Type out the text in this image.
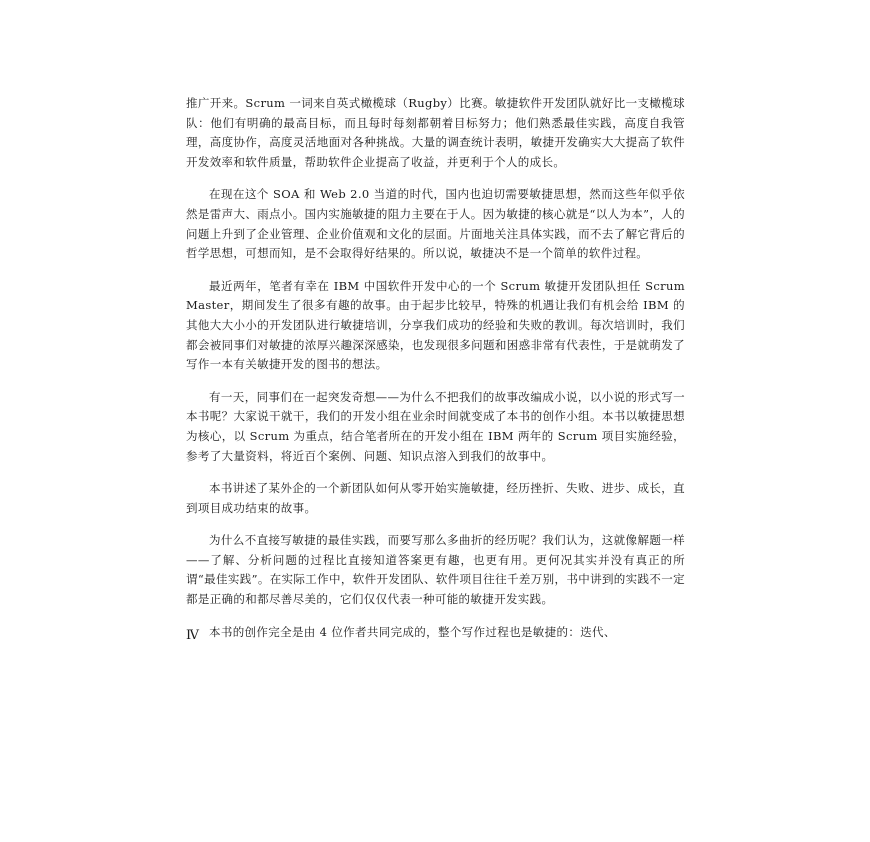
推广开来。Scrum 一词来自英式橄榄球（Rugby）比赛。敏捷软件开发团队就好比一支橄榄球队：他们有明确的最高目标，而且每时每刻都朝着目标努力；他们熟悉最佳实践，高度自我管理，高度协作，高度灵活地面对各种挑战。大量的调查统计表明，敏捷开发确实大大提高了软件开发效率和软件质量，帮助软件企业提高了收益，并更利于个人的成长。

在现在这个 SOA 和 Web 2.0 当道的时代，国内也迫切需要敏捷思想，然而这些年似乎依然是雷声大、雨点小。国内实施敏捷的阻力主要在于人。因为敏捷的核心就是“以人为本”，人的问题上升到了企业管理、企业价值观和文化的层面。片面地关注具体实践，而不去了解它背后的哲学思想，可想而知，是不会取得好结果的。所以说，敏捷决不是一个简单的软件过程。

最近两年，笔者有幸在 IBM 中国软件开发中心的一个 Scrum 敏捷开发团队担任 Scrum Master，期间发生了很多有趣的故事。由于起步比较早，特殊的机遇让我们有机会给 IBM 的其他大大小小的开发团队进行敏捷培训，分享我们成功的经验和失败的教训。每次培训时，我们都会被同事们对敏捷的浓厚兴趣深深感染，也发现很多问题和困惑非常有代表性，于是就萌发了写作一本有关敏捷开发的图书的想法。

有一天，同事们在一起突发奇想——为什么不把我们的故事改编成小说，以小说的形式写一本书呢？大家说干就干，我们的开发小组在业余时间就变成了本书的创作小组。本书以敏捷思想为核心，以 Scrum 为重点，结合笔者所在的开发小组在 IBM 两年的 Scrum 项目实施经验，参考了大量资料，将近百个案例、问题、知识点溶入到我们的故事中。

本书讲述了某外企的一个新团队如何从零开始实施敏捷，经历挫折、失败、进步、成长，直到项目成功结束的故事。

为什么不直接写敏捷的最佳实践，而要写那么多曲折的经历呢？我们认为，这就像解题一样——了解、分析问题的过程比直接知道答案更有趣，也更有用。更何况其实并没有真正的所谓“最佳实践”。在实际工作中，软件开发团队、软件项目往往千差万别，书中讲到的实践不一定都是正确的和都尽善尽美的，它们仅仅代表一种可能的敏捷开发实践。

本书的创作完全是由 4 位作者共同完成的，整个写作过程也是敏捷的：迭代、

Ⅳ
